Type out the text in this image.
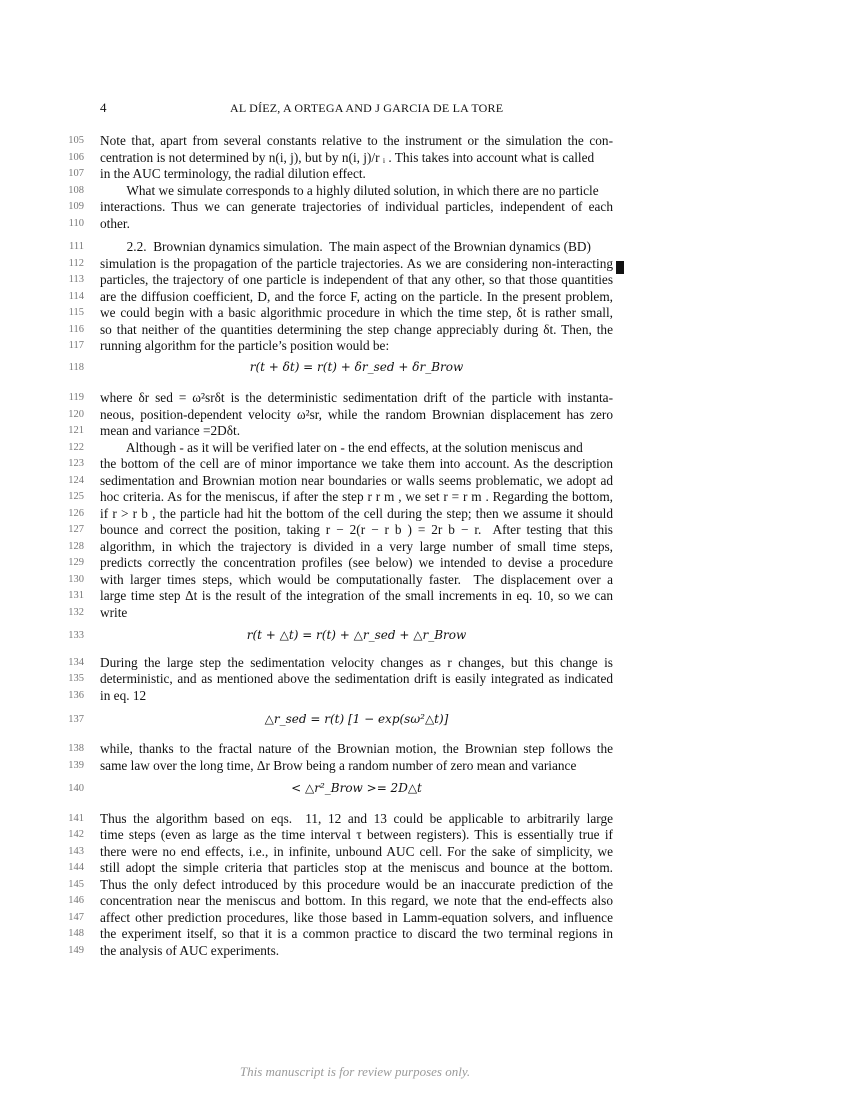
4	AL DÍEZ, A ORTEGA AND J GARCIA DE LA TORE
105 Note that, apart from several constants relative to the instrument or the simulation the con-
106 centration is not determined by n(i, j), but by n(i, j)/r ᵢ . This takes into account what is called
107 in the AUC terminology, the radial dilution effect.
108 What we simulate corresponds to a highly diluted solution, in which there are no particle
109 interactions. Thus we can generate trajectories of individual particles, independent of each
110 other.
111 2.2.  Brownian dynamics simulation.  The main aspect of the Brownian dynamics (BD)
112 simulation is the propagation of the particle trajectories. As we are considering non-interacting
113 particles, the trajectory of one particle is independent of that any other, so that those quantities
114 are the diffusion coefficient, D, and the force F, acting on the particle. In the present problem,
115 we could begin with a basic algorithmic procedure in which the time step, δt is rather small,
116 so that neither of the quantities determining the step change appreciably during δt. Then, the
117 running algorithm for the particle’s position would be:
119 where δr sed = ω²srδt is the deterministic sedimentation drift of the particle with instanta-
120 neous, position-dependent velocity ω²sr, while the random Brownian displacement has zero
121 mean and variance =2Dδt.
122 Although - as it will be verified later on - the end effects, at the solution meniscus and
123 the bottom of the cell are of minor importance we take them into account. As the description
124 sedimentation and Brownian motion near boundaries or walls seems problematic, we adopt ad
125 hoc criteria. As for the meniscus, if after the step r r m , we set r = r m . Regarding the bottom,
126 if r > r b , the particle had hit the bottom of the cell during the step; then we assume it should
127 bounce and correct the position, taking r − 2(r − r b ) = 2r b − r.  After testing that this
128 algorithm, in which the trajectory is divided in a very large number of small time steps,
129 predicts correctly the concentration profiles (see below) we intended to devise a procedure
130 with larger times steps, which would be computationally faster.  The displacement over a
131 large time step Δt is the result of the integration of the small increments in eq. 10, so we can
132 write
134 During the large step the sedimentation velocity changes as r changes, but this change is
135 deterministic, and as mentioned above the sedimentation drift is easily integrated as indicated
136 in eq. 12
138 while, thanks to the fractal nature of the Brownian motion, the Brownian step follows the
139 same law over the long time, Δr Brow being a random number of zero mean and variance
141 Thus the algorithm based on eqs.  11, 12 and 13 could be applicable to arbitrarily large
142 time steps (even as large as the time interval τ between registers). This is essentially true if
143 there were no end effects, i.e., in infinite, unbound AUC cell. For the sake of simplicity, we
144 still adopt the simple criteria that particles stop at the meniscus and bounce at the bottom.
145 Thus the only defect introduced by this procedure would be an inaccurate prediction of the
146 concentration near the meniscus and bottom. In this regard, we note that the end-effects also
147 affect other prediction procedures, like those based in Lamm-equation solvers, and influence
148 the experiment itself, so that it is a common practice to discard the two terminal regions in
149 the analysis of AUC experiments.
118	r(t + δt) = r(t) + δr_sed + δr_Brow
133	r(t + △t) = r(t) + △r_sed + △r_Brow
137	△r_sed = r(t) [1 − exp(sω²△t)]
140	< △r²_Brow >= 2D△t
This manuscript is for review purposes only.
